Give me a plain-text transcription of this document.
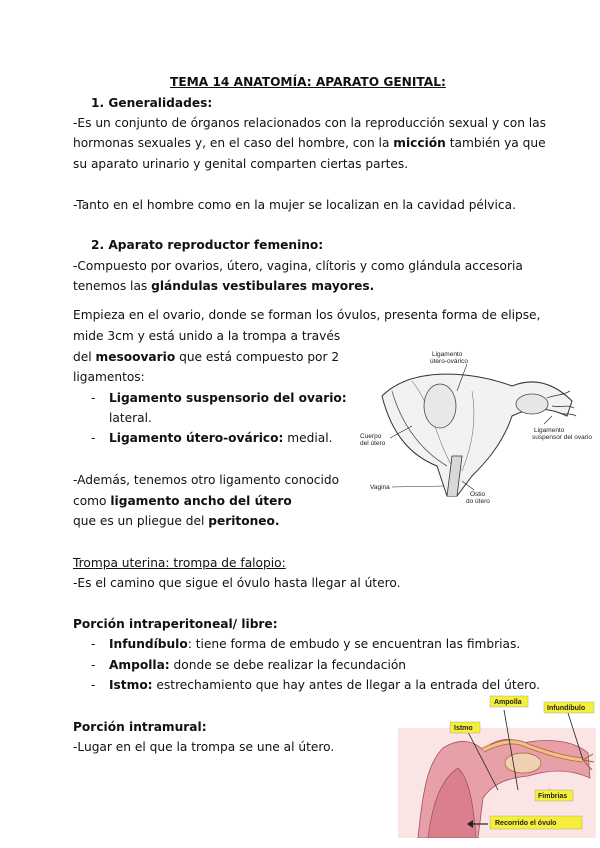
TEMA 14 ANATOMÍA: APARATO GENITAL:
1. Generalidades:
-Es un conjunto de órganos relacionados con la reproducción sexual y con las
hormonas sexuales y, en el caso del hombre, con la micción también ya que
su aparato urinario y genital comparten ciertas partes.
-Tanto en el hombre como en la mujer se localizan en la cavidad pélvica.
2. Aparato reproductor femenino:
-Compuesto por ovarios, útero, vagina, clítoris y como glándula accesoria
tenemos las glándulas vestibulares mayores.
Empieza en el ovario, donde se forman los óvulos, presenta forma de elipse,
mide 3cm y está unido a la trompa a través
del mesoovario que está compuesto por 2
ligamentos:
- Ligamento suspensorio del ovario:
lateral.
- Ligamento útero-ovárico: medial.
-Además, tenemos otro ligamento conocido
como ligamento ancho del útero
que es un pliegue del peritoneo.
Ligamento
útero-ovárico
Cuerpo
del útero
Ligamento
suspensor del ovario
Vagina
Ostio
do útero
Trompa uterina: trompa de falopio:
-Es el camino que sigue el óvulo hasta llegar al útero.
Porción intraperitoneal/ libre:
- Infundíbulo: tiene forma de embudo y se encuentran las fimbrias.
- Ampolla: donde se debe realizar la fecundación
- Istmo: estrechamiento que hay antes de llegar a la entrada del útero.
Porción intramural:
-Lugar en el que la trompa se une al útero.
Ampolla
Infundíbulo
Istmo
Fimbrias
Recorrido el óvulo
